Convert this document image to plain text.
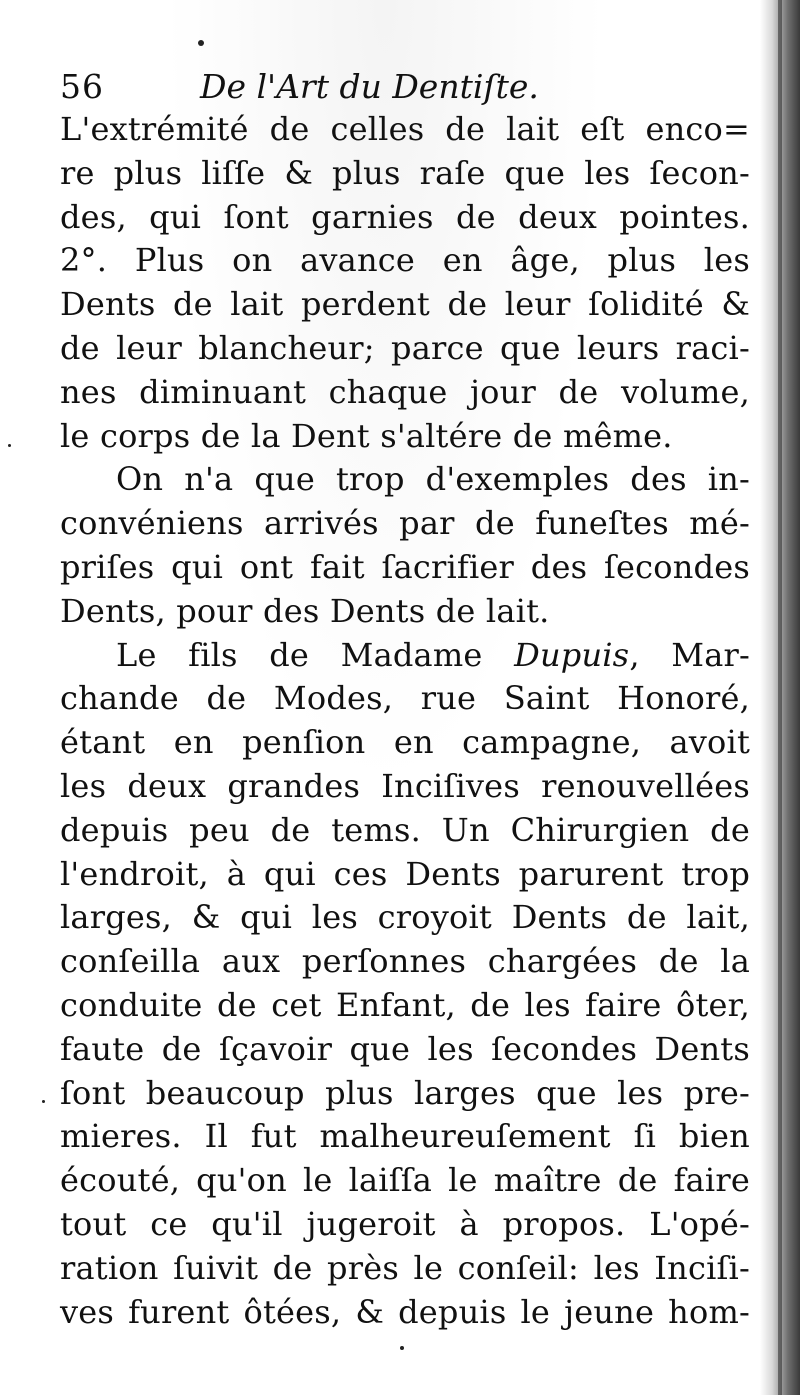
56	De l'Art du Dentiſte.
L'extrémité de celles de lait eſt enco=
re plus liſſe & plus raſe que les ſecon-
des, qui ſont garnies de deux pointes.
2°. Plus on avance en âge, plus les
Dents de lait perdent de leur ſolidité &
de leur blancheur; parce que leurs raci-
nes diminuant chaque jour de volume,
le corps de la Dent s'altére de même.
On n'a que trop d'exemples des in-
convéniens arrivés par de funeſtes mé-
priſes qui ont fait ſacrifier des ſecondes
Dents, pour des Dents de lait.
Le fils de Madame Dupuis, Mar-
chande de Modes, rue Saint Honoré,
étant en penſion en campagne, avoit
les deux grandes Inciſives renouvellées
depuis peu de tems. Un Chirurgien de
l'endroit, à qui ces Dents parurent trop
larges, & qui les croyoit Dents de lait,
conſeilla aux perſonnes chargées de la
conduite de cet Enfant, de les faire ôter,
faute de ſçavoir que les ſecondes Dents
ſont beaucoup plus larges que les pre-
mieres. Il fut malheureuſement ſi bien
écouté, qu'on le laiſſa le maître de faire
tout ce qu'il jugeroit à propos. L'opé-
ration ſuivit de près le conſeil: les Inciſi-
ves furent ôtées, & depuis le jeune hom-
